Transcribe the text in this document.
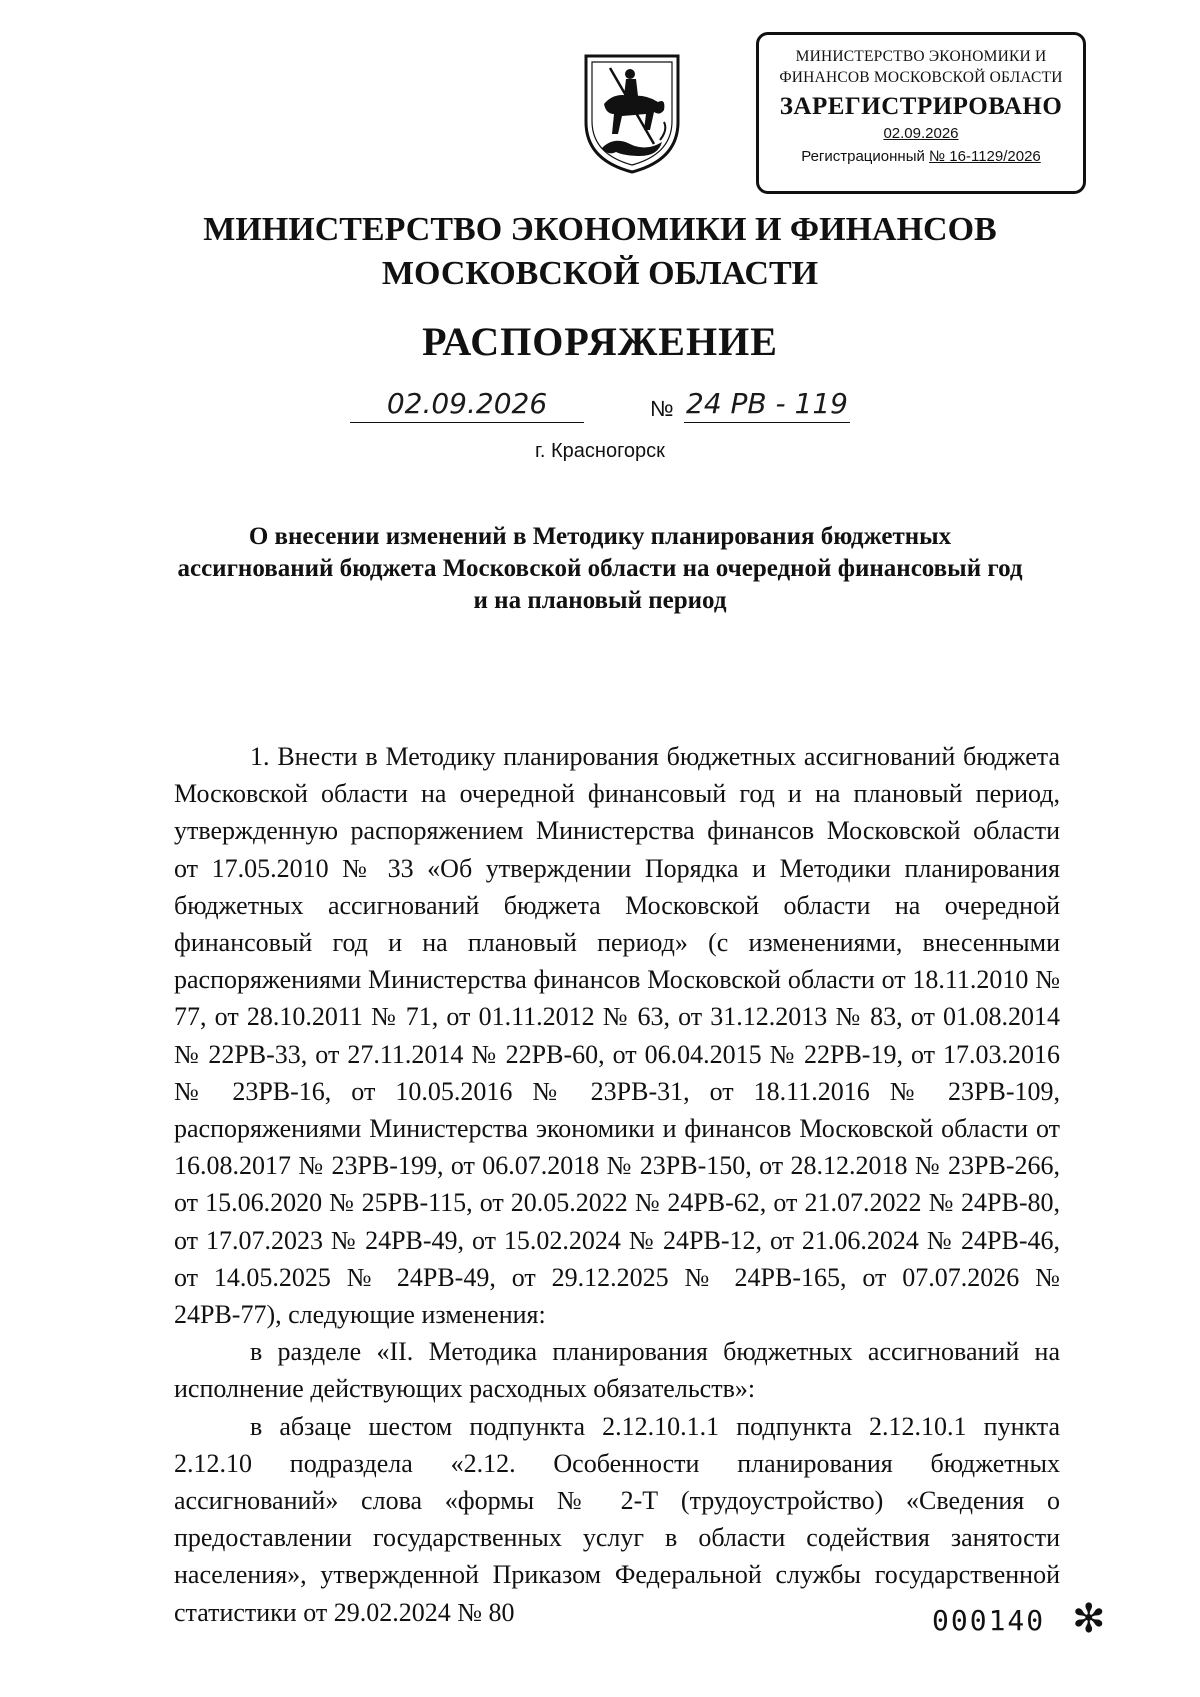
МИНИСТЕРСТВО ЭКОНОМИКИ И
ФИНАНСОВ МОСКОВСКОЙ ОБЛАСТИ
ЗАРЕГИСТРИРОВАНО
02.09.2026
Регистрационный № 16-1129/2026
МИНИСТЕРСТВО ЭКОНОМИКИ И ФИНАНСОВ
МОСКОВСКОЙ ОБЛАСТИ
РАСПОРЯЖЕНИЕ
02.09.2026	№ 24 РВ - 119
г. Красногорск
О внесении изменений в Методику планирования бюджетных
ассигнований бюджета Московской области на очередной финансовый год
и на плановый период

1. Внести в Методику планирования бюджетных ассигнований бюджета Московской области на очередной финансовый год и на плановый период, утвержденную распоряжением Министерства финансов Московской области от 17.05.2010 № 33 «Об утверждении Порядка и Методики планирования бюджетных ассигнований бюджета Московской области на очередной финансовый год и на плановый период» (с изменениями, внесенными распоряжениями Министерства финансов Московской области от 18.11.2010 № 77, от 28.10.2011 № 71, от 01.11.2012 № 63, от 31.12.2013 № 83, от 01.08.2014 № 22РВ-33, от 27.11.2014 № 22РВ-60, от 06.04.2015 № 22РВ-19, от 17.03.2016 № 23РВ-16, от 10.05.2016 № 23РВ-31, от 18.11.2016 № 23РВ-109, распоряжениями Министерства экономики и финансов Московской области от 16.08.2017 № 23РВ-199, от 06.07.2018 № 23РВ-150, от 28.12.2018 № 23РВ-266, от 15.06.2020 № 25РВ-115, от 20.05.2022 № 24РВ-62, от 21.07.2022 № 24РВ-80, от 17.07.2023 № 24РВ-49, от 15.02.2024 № 24РВ-12, от 21.06.2024 № 24РВ-46, от 14.05.2025 № 24РВ-49, от 29.12.2025 № 24РВ-165, от 07.07.2026 № 24РВ-77), следующие изменения:

в разделе «II. Методика планирования бюджетных ассигнований на исполнение действующих расходных обязательств»:

в абзаце шестом подпункта 2.12.10.1.1 подпункта 2.12.10.1 пункта 2.12.10 подраздела «2.12. Особенности планирования бюджетных ассигнований» слова «формы № 2-Т (трудоустройство) «Сведения о предоставлении государственных услуг в области содействия занятости населения», утвержденной Приказом Федеральной службы государственной статистики от 29.02.2024 № 80	000140 ✻
